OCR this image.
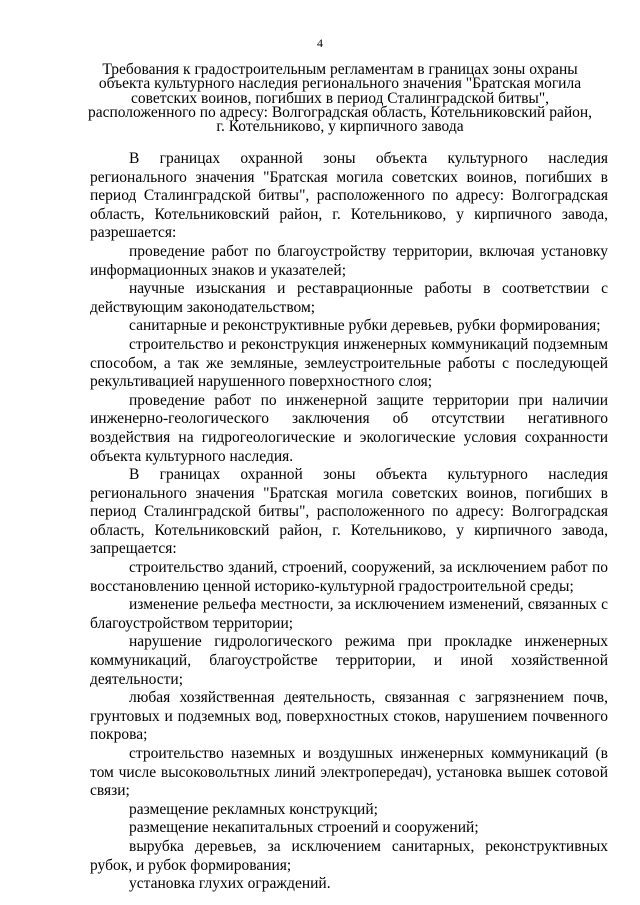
4
Требования к градостроительным регламентам в границах зоны охраны
объекта культурного наследия регионального значения "Братская могила
советских воинов, погибших в период Сталинградской битвы",
расположенного по адресу: Волгоградская область, Котельниковский район,
г. Котельниково, у кирпичного завода

В границах охранной зоны объекта культурного наследия регионального значения "Братская могила советских воинов, погибших в период Сталинградской битвы", расположенного по адресу: Волгоградская область, Котельниковский район, г. Котельниково, у кирпичного завода, разрешается:

проведение работ по благоустройству территории, включая установку информационных знаков и указателей;

научные изыскания и реставрационные работы в соответствии с действующим законодательством;

санитарные и реконструктивные рубки деревьев, рубки формирования;

строительство и реконструкция инженерных коммуникаций подземным способом, а так же земляные, землеустроительные работы с последующей рекультивацией нарушенного поверхностного слоя;

проведение работ по инженерной защите территории при наличии инженерно-геологического заключения об отсутствии негативного воздействия на гидрогеологические и экологические условия сохранности объекта культурного наследия.

В границах охранной зоны объекта культурного наследия регионального значения "Братская могила советских воинов, погибших в период Сталинградской битвы", расположенного по адресу: Волгоградская область, Котельниковский район, г. Котельниково, у кирпичного завода, запрещается:

строительство зданий, строений, сооружений, за исключением работ по восстановлению ценной историко-культурной градостроительной среды;

изменение рельефа местности, за исключением изменений, связанных с благоустройством территории;

нарушение гидрологического режима при прокладке инженерных коммуникаций, благоустройстве территории, и иной хозяйственной деятельности;

любая хозяйственная деятельность, связанная с загрязнением почв, грунтовых и подземных вод, поверхностных стоков, нарушением почвенного покрова;

строительство наземных и воздушных инженерных коммуникаций (в том числе высоковольтных линий электропередач), установка вышек сотовой связи;

размещение рекламных конструкций;

размещение некапитальных строений и сооружений;

вырубка деревьев, за исключением санитарных, реконструктивных рубок, и рубок формирования;

установка глухих ограждений.
